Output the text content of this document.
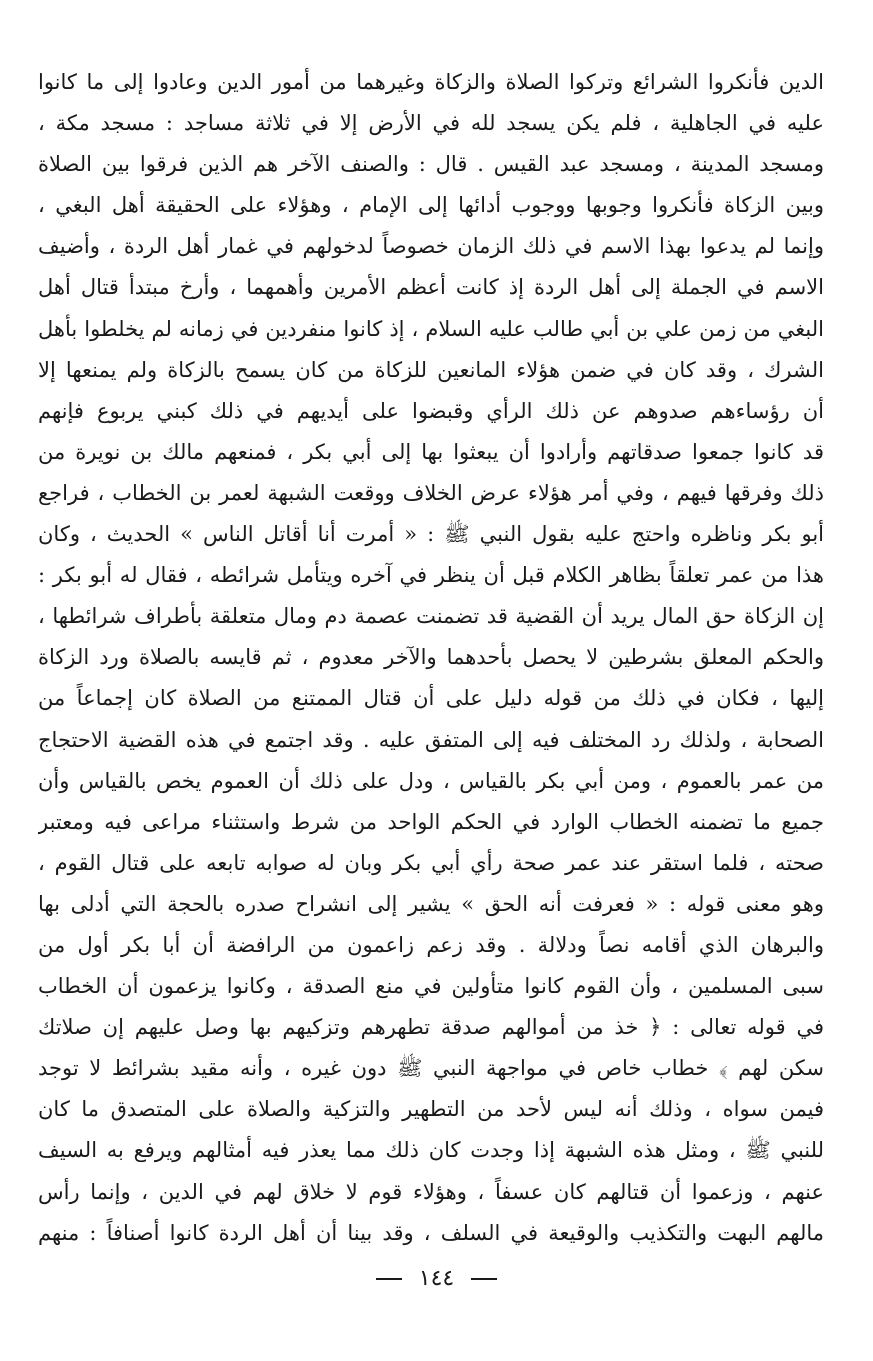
الدين فأنكروا الشرائع وتركوا الصلاة والزكاة وغيرهما من أمور الدين وعادوا إلى ما كانوا
عليه في الجاهلية ، فلم يكن يسجد لله في الأرض إلا في ثلاثة مساجد : مسجد مكة ،
ومسجد المدينة ، ومسجد عبد القيس . قال : والصنف الآخر هم الذين فرقوا بين الصلاة
وبين الزكاة فأنكروا وجوبها ووجوب أدائها إلى الإمام ، وهؤلاء على الحقيقة أهل البغي ،
وإنما لم يدعوا بهذا الاسم في ذلك الزمان خصوصاً لدخولهم في غمار أهل الردة ، وأضيف
الاسم في الجملة إلى أهل الردة إذ كانت أعظم الأمرين وأهمهما ، وأرخ مبتدأ قتال أهل
البغي من زمن علي بن أبي طالب عليه السلام ، إذ كانوا منفردين في زمانه لم يخلطوا بأهل
الشرك ، وقد كان في ضمن هؤلاء المانعين للزكاة من كان يسمح بالزكاة ولم يمنعها إلا
أن رؤساءهم صدوهم عن ذلك الرأي وقبضوا على أيديهم في ذلك كبني يربوع فإنهم
قد كانوا جمعوا صدقاتهم وأرادوا أن يبعثوا بها إلى أبي بكر ، فمنعهم مالك بن نويرة من
ذلك وفرقها فيهم ، وفي أمر هؤلاء عرض الخلاف ووقعت الشبهة لعمر بن الخطاب ، فراجع
أبو بكر وناظره واحتج عليه بقول النبي ﷺ : « أمرت أنا أقاتل الناس » الحديث ، وكان
هذا من عمر تعلقاً بظاهر الكلام قبل أن ينظر في آخره ويتأمل شرائطه ، فقال له أبو بكر :
إن الزكاة حق المال يريد أن القضية قد تضمنت عصمة دم ومال متعلقة بأطراف شرائطها ،
والحكم المعلق بشرطين لا يحصل بأحدهما والآخر معدوم ، ثم قايسه بالصلاة ورد الزكاة
إليها ، فكان في ذلك من قوله دليل على أن قتال الممتنع من الصلاة كان إجماعاً من
الصحابة ، ولذلك رد المختلف فيه إلى المتفق عليه . وقد اجتمع في هذه القضية الاحتجاج
من عمر بالعموم ، ومن أبي بكر بالقياس ، ودل على ذلك أن العموم يخص بالقياس وأن
جميع ما تضمنه الخطاب الوارد في الحكم الواحد من شرط واستثناء مراعى فيه ومعتبر
صحته ، فلما استقر عند عمر صحة رأي أبي بكر وبان له صوابه تابعه على قتال القوم ،
وهو معنى قوله : « فعرفت أنه الحق » يشير إلى انشراح صدره بالحجة التي أدلى بها
والبرهان الذي أقامه نصاً ودلالة . وقد زعم زاعمون من الرافضة أن أبا بكر أول من
سبى المسلمين ، وأن القوم كانوا متأولين في منع الصدقة ، وكانوا يزعمون أن الخطاب
في قوله تعالى : ﴿ خذ من أموالهم صدقة تطهرهم وتزكيهم بها وصل عليهم إن صلاتك
سكن لهم ﴾ خطاب خاص في مواجهة النبي ﷺ دون غيره ، وأنه مقيد بشرائط لا توجد
فيمن سواه ، وذلك أنه ليس لأحد من التطهير والتزكية والصلاة على المتصدق ما كان
للنبي ﷺ ، ومثل هذه الشبهة إذا وجدت كان ذلك مما يعذر فيه أمثالهم ويرفع به السيف
عنهم ، وزعموا أن قتالهم كان عسفاً ، وهؤلاء قوم لا خلاق لهم في الدين ، وإنما رأس
مالهم البهت والتكذيب والوقيعة في السلف ، وقد بينا أن أهل الردة كانوا أصنافاً : منهم
١٤٤
